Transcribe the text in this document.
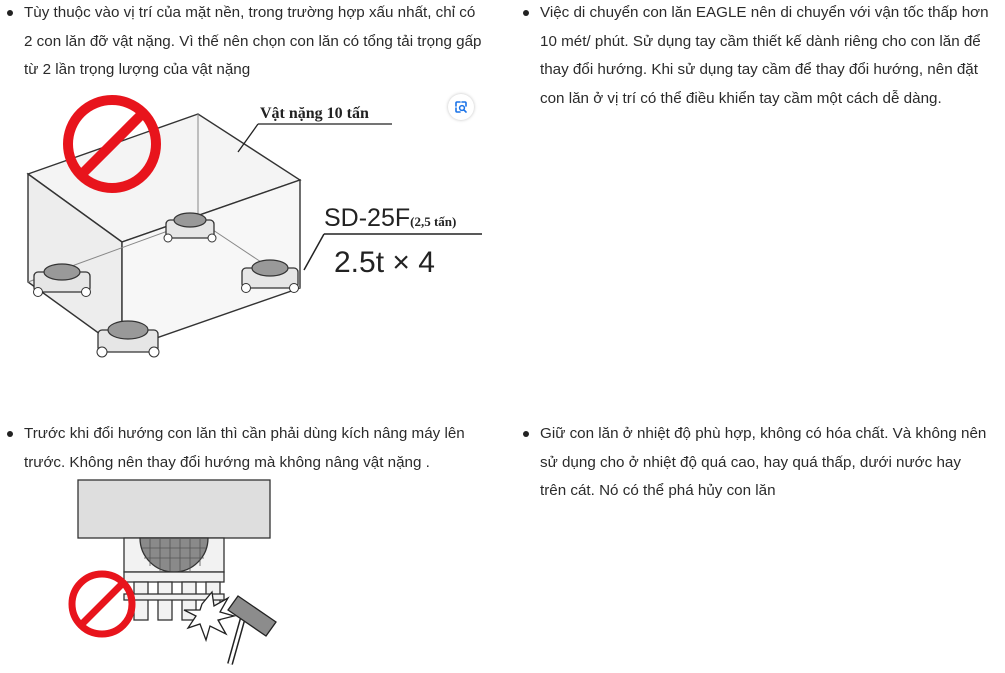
Tùy thuộc vào vị trí của mặt nền, trong trường hợp xấu nhất, chỉ có 2 con lăn đỡ vật nặng. Vì thế nên chọn con lăn có tổng tải trọng gấp từ 2 lần trọng lượng của vật nặng
Việc di chuyển con lăn EAGLE nên di chuyển với vận tốc thấp hơn 10 mét/ phút. Sử dụng tay cầm thiết kế dành riêng cho con lăn để thay đổi hướng. Khi sử dụng tay cầm để thay đổi hướng, nên đặt con lăn ở vị trí có thể điều khiển tay cầm một cách dễ dàng.
Trước khi đổi hướng con lăn thì cần phải dùng kích nâng máy lên trước. Không nên thay đổi hướng mà không nâng vật nặng .
Giữ con lăn ở nhiệt độ phù hợp, không có hóa chất. Và không nên sử dụng cho ở nhiệt độ quá cao, hay quá thấp, dưới nước hay trên cát. Nó có thể phá hủy con lăn
Vật nặng 10 tấn
SD-25F(2,5 tấn)
2.5t × 4
